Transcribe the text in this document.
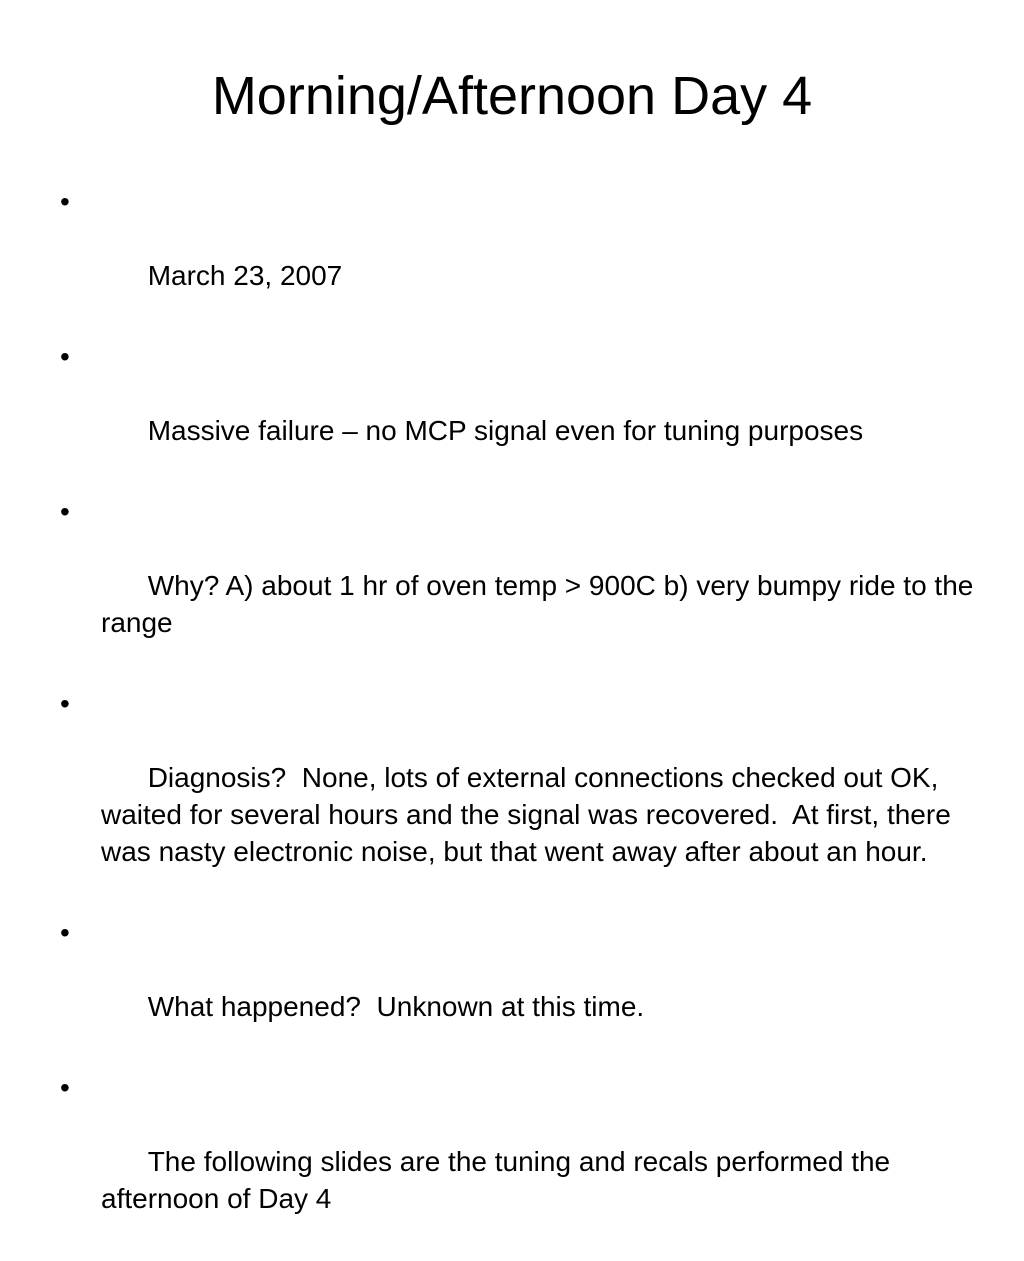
Morning/Afternoon Day 4

•

March 23, 2007

•

Massive failure – no MCP signal even for tuning purposes

•

Why? A) about 1 hr of oven temp > 900C b) very bumpy ride to the range

•

Diagnosis?  None, lots of external connections checked out OK, waited for several hours and the signal was recovered.  At first, there was nasty electronic noise, but that went away after about an hour.

•

What happened?  Unknown at this time.

•

The following slides are the tuning and recals performed the afternoon of Day 4
